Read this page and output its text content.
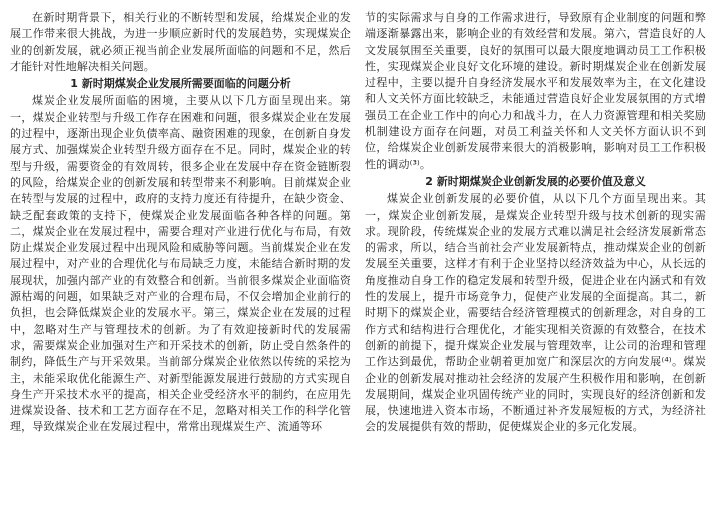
在新时期背景下，相关行业的不断转型和发展，给煤炭企业的发展工作带来很大挑战，为进一步顺应新时代的发展趋势，实现煤炭企业的创新发展，就必须正视当前企业发展所面临的问题和不足，然后才能针对性地解决相关问题。

1 新时期煤炭企业发展所需要面临的问题分析

煤炭企业发展所面临的困境，主要从以下几方面呈现出来。第一，煤炭企业转型与升级工作存在困难和问题，很多煤炭企业在发展的过程中，逐渐出现企业负债率高、融资困难的现象，在创新自身发展方式、加强煤炭企业转型升级方面存在不足。同时，煤炭企业的转型与升级，需要资金的有效周转，很多企业在发展中存在资金链断裂的风险，给煤炭企业的创新发展和转型带来不利影响。目前煤炭企业在转型与发展的过程中，政府的支持力度还有待提升，在缺少资金、缺乏配套政策的支持下，使煤炭企业发展面临各种各样的问题。第二，煤炭企业在发展过程中，需要合理对产业进行优化与布局，有效防止煤炭企业发展过程中出现风险和威胁等问题。当前煤炭企业在发展过程中，对产业的合理优化与布局缺乏力度，未能结合新时期的发展现状，加强内部产业的有效整合和创新。当前很多煤炭企业面临资源枯竭的问题，如果缺乏对产业的合理布局，不仅会增加企业前行的负担，也会降低煤炭企业的发展水平。第三，煤炭企业在发展的过程中，忽略对生产与管理技术的创新。为了有效迎接新时代的发展需求，需要煤炭企业加强对生产和开采技术的创新，防止受自然条件的制约，降低生产与开采效果。当前部分煤炭企业依然以传统的采挖为主，未能采取优化能源生产、对新型能源发展进行鼓励的方式实现自身生产开采技术水平的提高，相关企业受经济水平的制约，在应用先进煤炭设备、技术和工艺方面存在不足，忽略对相关工作的科学化管理，导致煤炭企业在发展过程中，常常出现煤炭生产、流通等环

节的实际需求与自身的工作需求进行，导致原有企业制度的问题和弊端逐渐暴露出来，影响企业的有效经营和发展。第六，营造良好的人文发展氛围至关重要，良好的氛围可以最大限度地调动员工工作积极性，实现煤炭企业良好文化环境的建设。新时期煤炭企业在创新发展过程中，主要以提升自身经济发展水平和发展效率为主，在文化建设和人文关怀方面比较缺乏，未能通过营造良好企业发展氛围的方式增强员工在企业工作中的向心力和战斗力，在人力资源管理和相关奖励机制建设方面存在问题，对员工利益关怀和人文关怀方面认识不到位，给煤炭企业创新发展带来很大的消极影响，影响对员工工作积极性的调动⁽³⁾。

2 新时期煤炭企业创新发展的必要价值及意义

煤炭企业创新发展的必要价值，从以下几个方面呈现出来。其一，煤炭企业创新发展，是煤炭企业转型升级与技术创新的现实需求。现阶段，传统煤炭企业的发展方式难以满足社会经济发展新常态的需求，所以，结合当前社会产业发展新特点，推动煤炭企业的创新发展至关重要，这样才有利于企业坚持以经济效益为中心，从长远的角度推动自身工作的稳定发展和转型升级，促进企业在内涵式和有效性的发展上，提升市场竞争力，促使产业发展的全面提高。其二，新时期下的煤炭企业，需要结合经济管理模式的创新理念，对自身的工作方式和结构进行合理优化，才能实现相关资源的有效整合，在技术创新的前提下，提升煤炭企业发展与管理效率，让公司的治理和管理工作达到最优，帮助企业朝着更加宽广和深层次的方向发展⁽⁴⁾。煤炭企业的创新发展对推动社会经济的发展产生积极作用和影响，在创新发展期间，煤炭企业巩固传统产业的同时，实现良好的经济创新和发展，快速地进入资本市场，不断通过补齐发展短板的方式，为经济社会的发展提供有效的帮助，促使煤炭企业的多元化发展。
